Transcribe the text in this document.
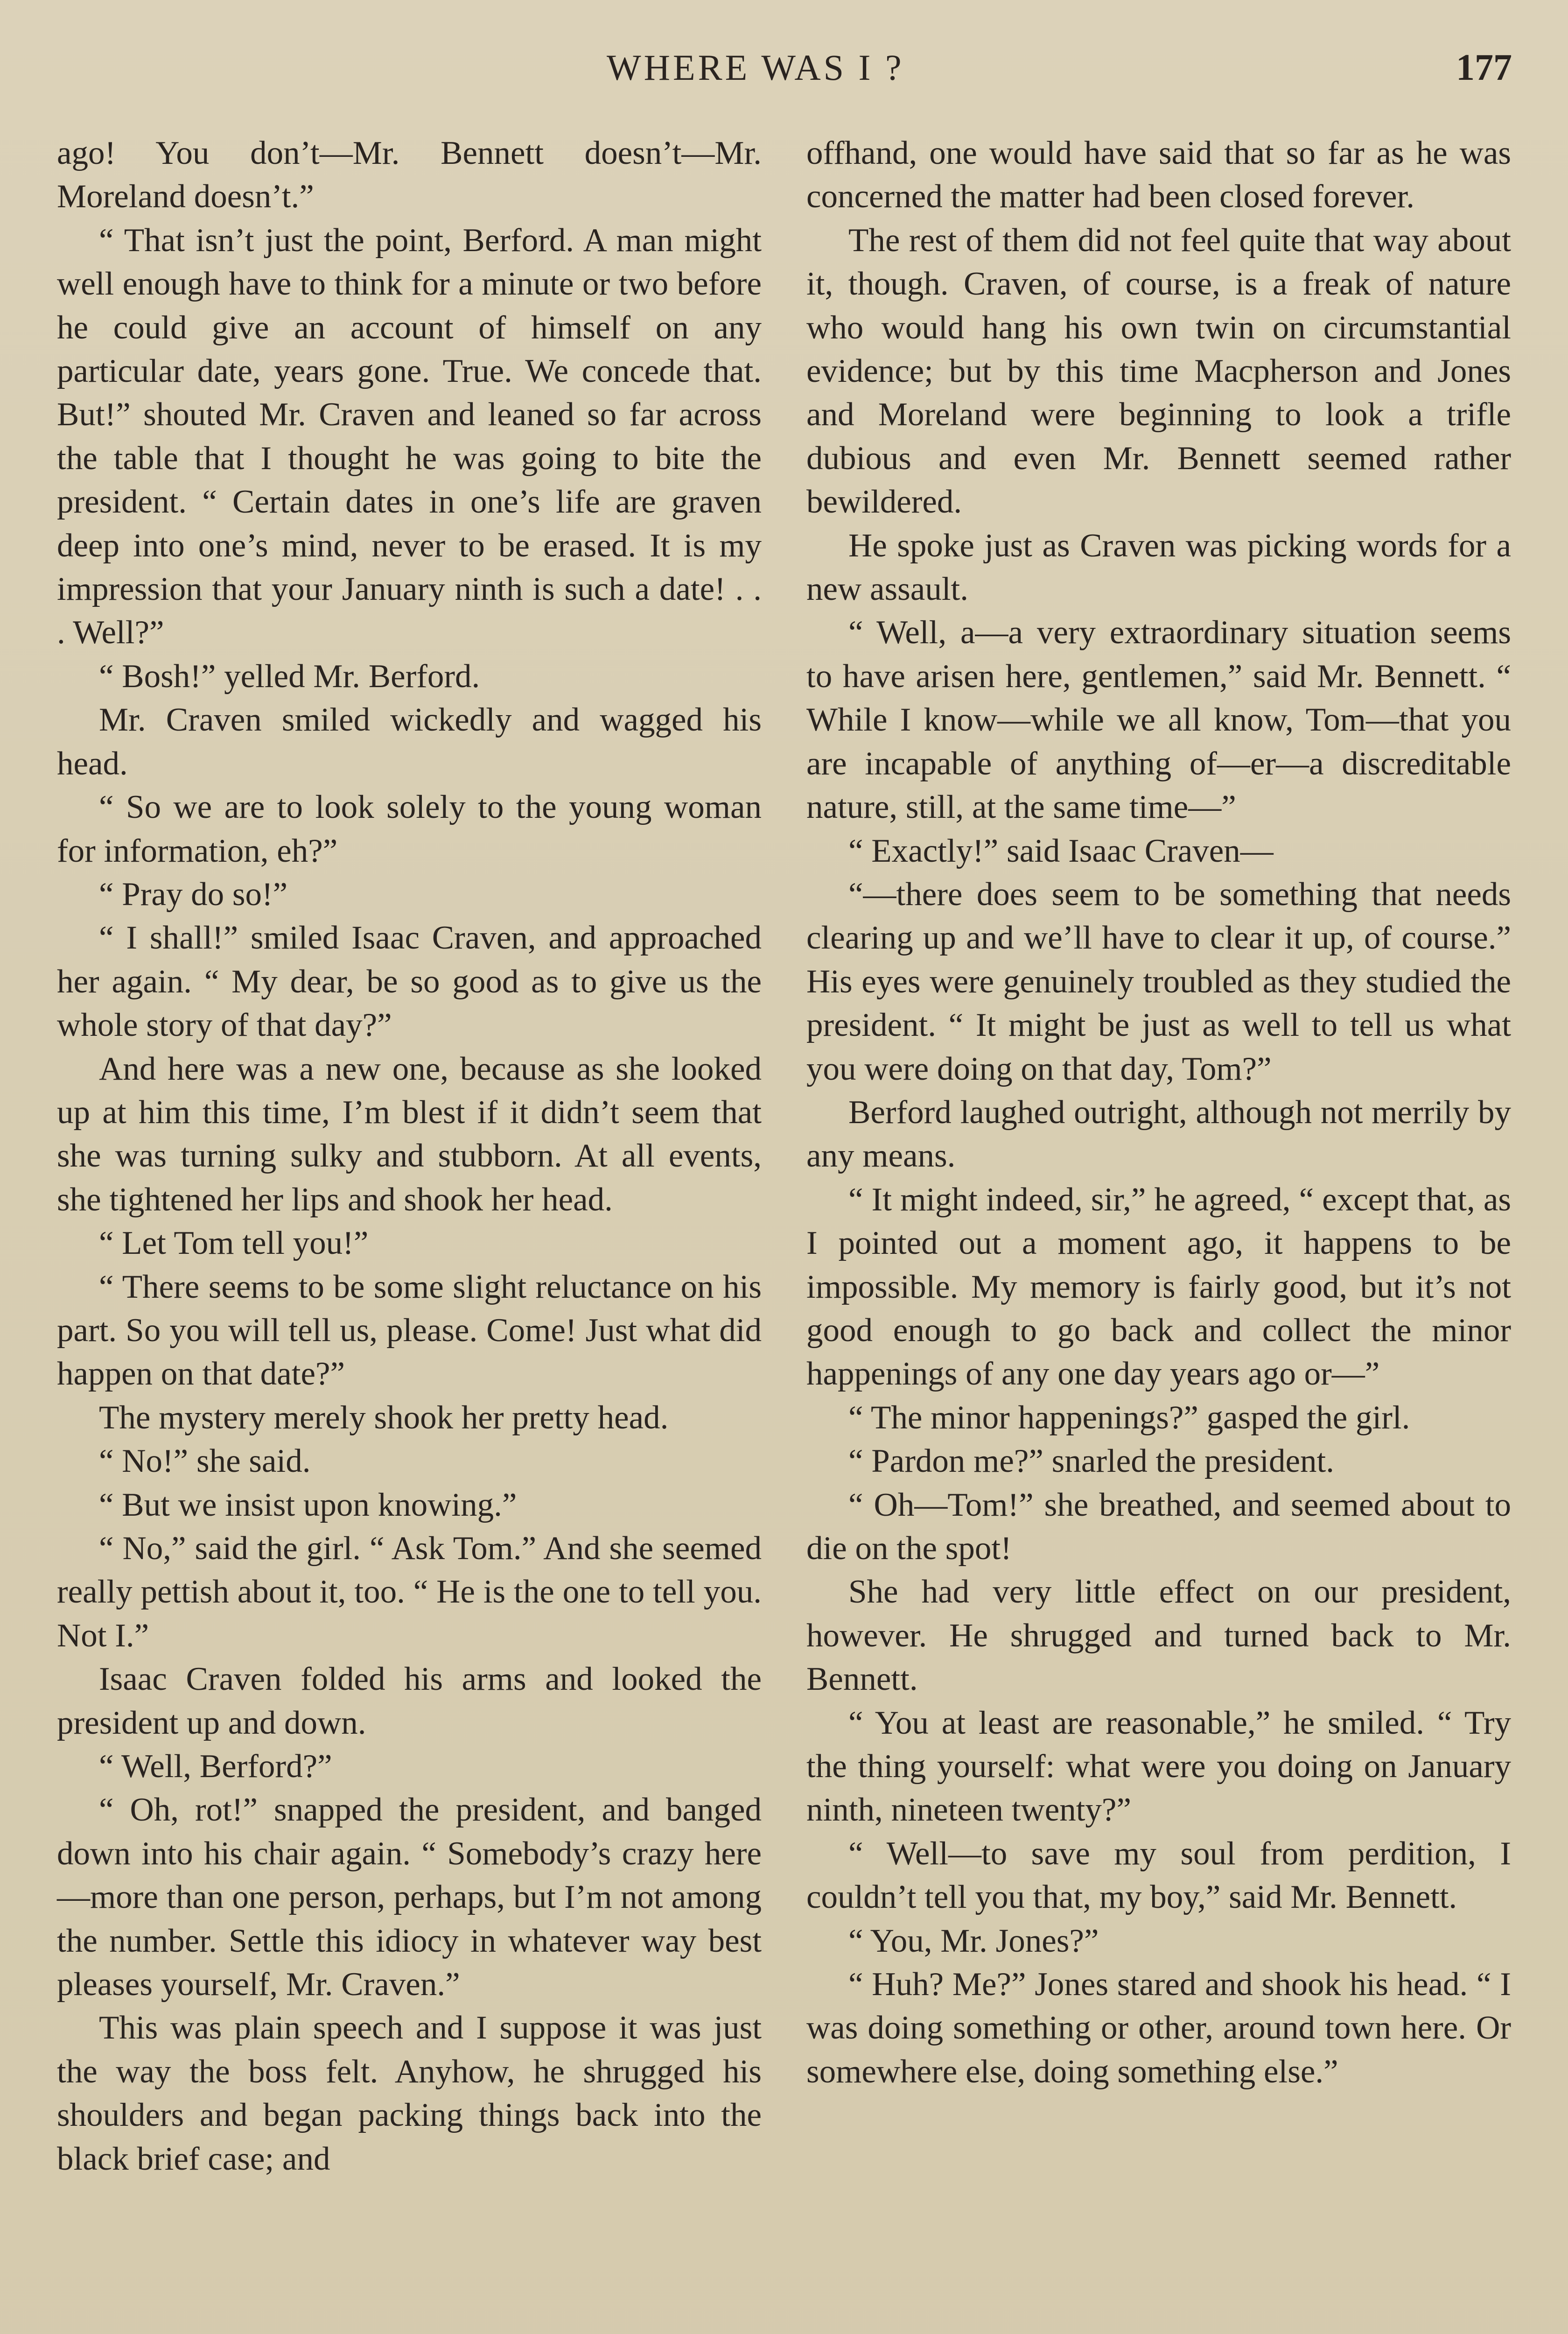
WHERE WAS I ?	177

ago! You don’t—Mr. Bennett doesn’t—Mr. Moreland doesn’t.”

“ That isn’t just the point, Berford. A man might well enough have to think for a minute or two before he could give an account of himself on any particular date, years gone. True. We concede that. But!” shouted Mr. Craven and leaned so far across the table that I thought he was going to bite the president. “ Certain dates in one’s life are graven deep into one’s mind, never to be erased. It is my impression that your January ninth is such a date! . . . Well?”

“ Bosh!” yelled Mr. Berford.

Mr. Craven smiled wickedly and wagged his head.

“ So we are to look solely to the young woman for information, eh?”

“ Pray do so!”

“ I shall!” smiled Isaac Craven, and approached her again. “ My dear, be so good as to give us the whole story of that day?”

And here was a new one, because as she looked up at him this time, I’m blest if it didn’t seem that she was turning sulky and stubborn. At all events, she tightened her lips and shook her head.

“ Let Tom tell you!”

“ There seems to be some slight reluctance on his part. So you will tell us, please. Come! Just what did happen on that date?”

The mystery merely shook her pretty head.

“ No!” she said.

“ But we insist upon knowing.”

“ No,” said the girl. “ Ask Tom.” And she seemed really pettish about it, too. “ He is the one to tell you. Not I.”

Isaac Craven folded his arms and looked the president up and down.

“ Well, Berford?”

“ Oh, rot!” snapped the president, and banged down into his chair again. “ Somebody’s crazy here—more than one person, perhaps, but I’m not among the number. Settle this idiocy in whatever way best pleases yourself, Mr. Craven.”

This was plain speech and I suppose it was just the way the boss felt. Anyhow, he shrugged his shoulders and began packing things back into the black brief case; and

offhand, one would have said that so far as he was concerned the matter had been closed forever.

The rest of them did not feel quite that way about it, though. Craven, of course, is a freak of nature who would hang his own twin on circumstantial evidence; but by this time Macpherson and Jones and Moreland were beginning to look a trifle dubious and even Mr. Bennett seemed rather bewildered.

He spoke just as Craven was picking words for a new assault.

“ Well, a—a very extraordinary situation seems to have arisen here, gentlemen,” said Mr. Bennett. “ While I know—while we all know, Tom—that you are incapable of anything of—er—a discreditable nature, still, at the same time—”

“ Exactly!” said Isaac Craven—

“—there does seem to be something that needs clearing up and we’ll have to clear it up, of course.” His eyes were genuinely troubled as they studied the president. “ It might be just as well to tell us what you were doing on that day, Tom?”

Berford laughed outright, although not merrily by any means.

“ It might indeed, sir,” he agreed, “ except that, as I pointed out a moment ago, it happens to be impossible. My memory is fairly good, but it’s not good enough to go back and collect the minor happenings of any one day years ago or—”

“ The minor happenings?” gasped the girl.

“ Pardon me?” snarled the president.

“ Oh—Tom!” she breathed, and seemed about to die on the spot!

She had very little effect on our president, however. He shrugged and turned back to Mr. Bennett.

“ You at least are reasonable,” he smiled. “ Try the thing yourself: what were you doing on January ninth, nineteen twenty?”

“ Well—to save my soul from perdition, I couldn’t tell you that, my boy,” said Mr. Bennett.

“ You, Mr. Jones?”

“ Huh? Me?” Jones stared and shook his head. “ I was doing something or other, around town here. Or somewhere else, doing something else.”
